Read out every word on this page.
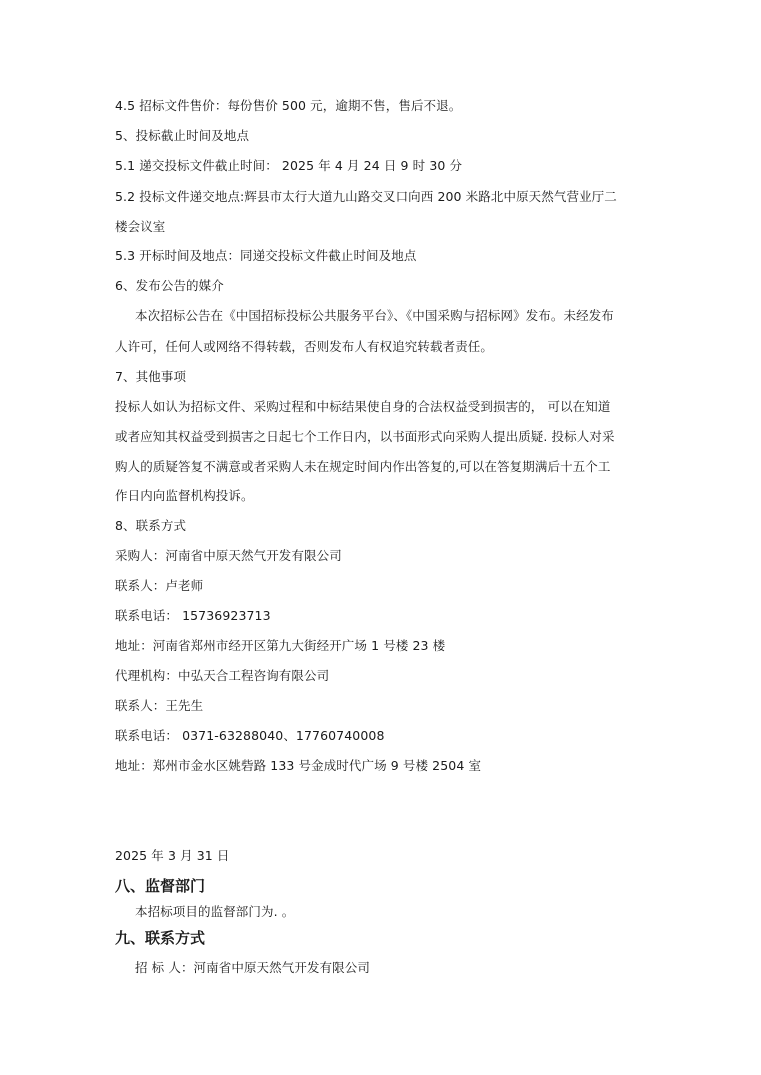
4.5 招标文件售价：每份售价 500 元，逾期不售，售后不退。
5、投标截止时间及地点
5.1 递交投标文件截止时间： 2025 年 4 月 24 日 9 时 30 分
5.2 投标文件递交地点:辉县市太行大道九山路交叉口向西 200 米路北中原天然气营业厅二
楼会议室
5.3 开标时间及地点：同递交投标文件截止时间及地点
6、发布公告的媒介
本次招标公告在《中国招标投标公共服务平台》、《中国采购与招标网》发布。未经发布
人许可，任何人或网络不得转载，否则发布人有权追究转载者责任。
7、其他事项
投标人如认为招标文件、采购过程和中标结果使自身的合法权益受到损害的， 可以在知道
或者应知其权益受到损害之日起七个工作日内，以书面形式向采购人提出质疑. 投标人对采
购人的质疑答复不满意或者采购人未在规定时间内作出答复的,可以在答复期满后十五个工
作日内向监督机构投诉。
8、联系方式
采购人：河南省中原天然气开发有限公司
联系人：卢老师
联系电话： 15736923713
地址：河南省郑州市经开区第九大街经开广场 1 号楼 23 楼
代理机构：中弘天合工程咨询有限公司
联系人：王先生
联系电话： 0371-63288040、17760740008
地址：郑州市金水区姚砦路 133 号金成时代广场 9 号楼 2504 室
2025 年 3 月 31 日
八、监督部门
本招标项目的监督部门为. 。
九、联系方式
招 标 人：河南省中原天然气开发有限公司
